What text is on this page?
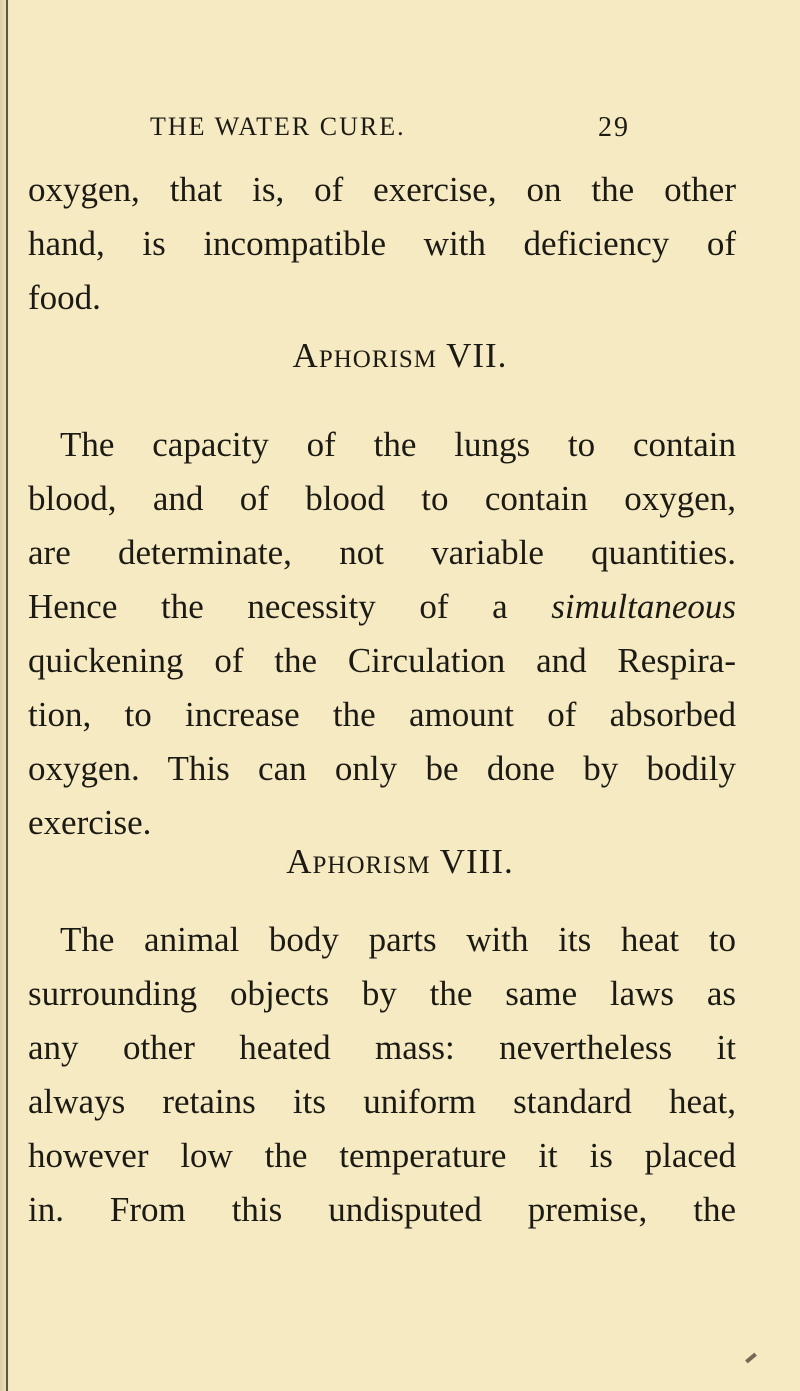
THE WATER CURE.	29
oxygen, that is, of exercise, on the other
hand, is incompatible with deficiency of
food.
Aphorism VII.
The capacity of the lungs to contain
blood, and of blood to contain oxygen,
are determinate, not variable quantities.
Hence the necessity of a simultaneous
quickening of the Circulation and Respira-
tion, to increase the amount of absorbed
oxygen. This can only be done by bodily
exercise.
Aphorism VIII.
The animal body parts with its heat to
surrounding objects by the same laws as
any other heated mass: nevertheless it
always retains its uniform standard heat,
however low the temperature it is placed
in. From this undisputed premise, the
